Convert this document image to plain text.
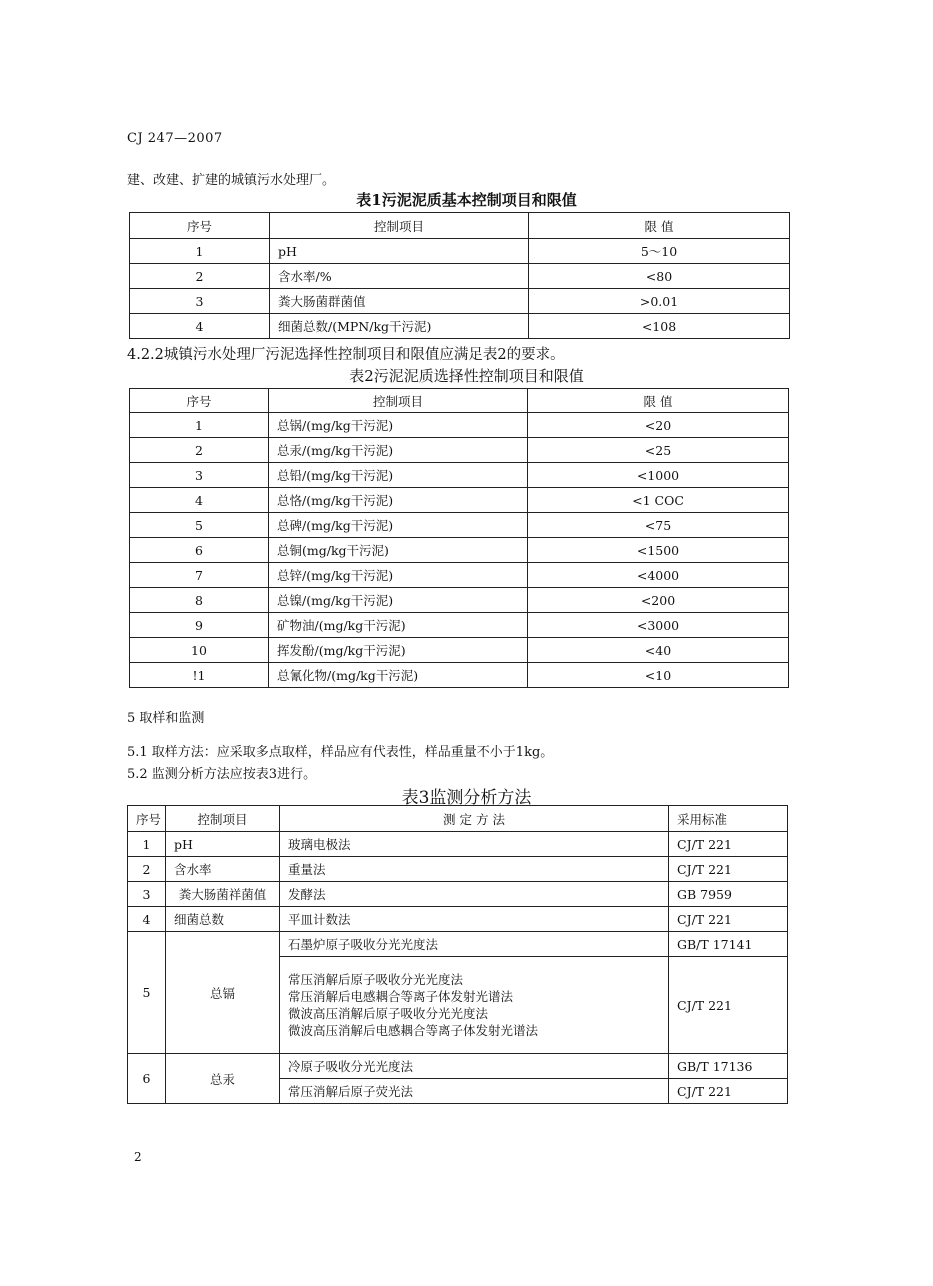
CJ 247—2007
建、改建、扩建的城镇污水处理厂。
表1污泥泥质基本控制项目和限值
序号	控制项目	限 值
1	pH	5～10
2	含水率/%	<80
3	粪大肠菌群菌值	>0.01
4	细菌总数/(MPN/kg干污泥)	<108
4.2.2城镇污水处理厂污泥选择性控制项目和限值应满足表2的要求。
表2污泥泥质选择性控制项目和限值
序号	控制项目	限 值
1	总锅/(mg/kg干污泥)	<20
2	总汞/(mg/kg干污泥)	<25
3	总铅/(mg/kg干污泥)	<1000
4	总恪/(mg/kg干污泥)	<1 COC
5	总碑/(mg/kg干污泥)	<75
6	总铜(mg/kg干污泥)	<1500
7	总锌/(mg/kg干污泥)	<4000
8	总镍/(mg/kg干污泥)	<200
9	矿物油/(mg/kg干污泥)	<3000
10	挥发酚/(mg/kg干污泥)	<40
!1	总氰化物/(mg/kg干污泥)	<10
5 取样和监测
5.1 取样方法：应采取多点取样，样品应有代表性，样品重量不小于1kg。
5.2 监测分析方法应按表3进行。
表3监测分析方法
序号	控制项目	测 定 方 法	采用标准
1	pH	玻璃电极法	CJ/T 221
2	含水率	重量法	CJ/T 221
3	粪大肠菌祥菌值	发酵法	GB 7959
4	细菌总数	平皿计数法	CJ/T 221
5	总镉	石墨炉原子吸收分光光度法	GB/T 17141

		常压消解后原子吸收分光光度法
常压消解后电感耦合等离子体发射光谱法
微波高压消解后原子吸收分光光度法
微波高压消解后电感耦合等离子体发射光谱法	CJ/T 221
6	总汞	冷原子吸收分光光度法	GB/T 17136
		常压消解后原子荧光法	CJ/T 221
2
